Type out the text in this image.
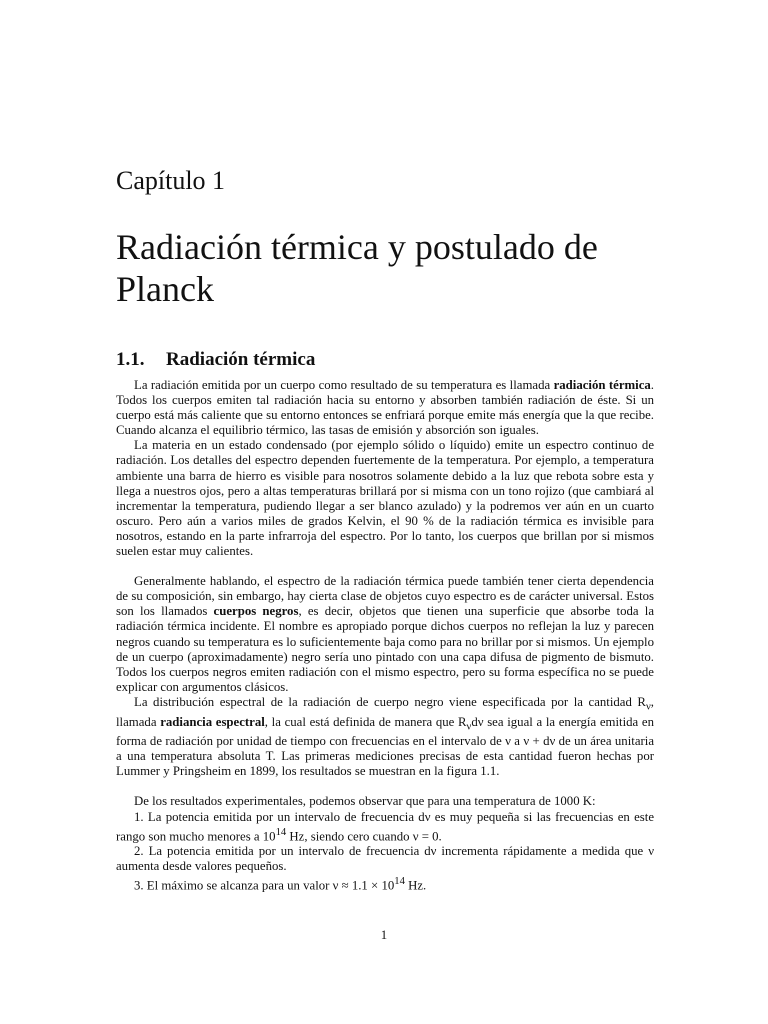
Capítulo 1
Radiación térmica y postulado de Planck
1.1. Radiación térmica

La radiación emitida por un cuerpo como resultado de su temperatura es llamada radiación térmica. Todos los cuerpos emiten tal radiación hacia su entorno y absorben también radiación de éste. Si un cuerpo está más caliente que su entorno entonces se enfriará porque emite más energía que la que recibe. Cuando alcanza el equilibrio térmico, las tasas de emisión y absorción son iguales.

La materia en un estado condensado (por ejemplo sólido o líquido) emite un espectro continuo de radiación. Los detalles del espectro dependen fuertemente de la temperatura. Por ejemplo, a temperatura ambiente una barra de hierro es visible para nosotros solamente debido a la luz que rebota sobre esta y llega a nuestros ojos, pero a altas temperaturas brillará por si misma con un tono rojizo (que cambiará al incrementar la temperatura, pudiendo llegar a ser blanco azulado) y la podremos ver aún en un cuarto oscuro. Pero aún a varios miles de grados Kelvin, el 90 % de la radiación térmica es invisible para nosotros, estando en la parte infrarroja del espectro. Por lo tanto, los cuerpos que brillan por si mismos suelen estar muy calientes.

Generalmente hablando, el espectro de la radiación térmica puede también tener cierta dependencia de su composición, sin embargo, hay cierta clase de objetos cuyo espectro es de carácter universal. Estos son los llamados cuerpos negros, es decir, objetos que tienen una superficie que absorbe toda la radiación térmica incidente. El nombre es apropiado porque dichos cuerpos no reflejan la luz y parecen negros cuando su temperatura es lo suficientemente baja como para no brillar por si mismos. Un ejemplo de un cuerpo (aproximadamente) negro sería uno pintado con una capa difusa de pigmento de bismuto. Todos los cuerpos negros emiten radiación con el mismo espectro, pero su forma específica no se puede explicar con argumentos clásicos.

La distribución espectral de la radiación de cuerpo negro viene especificada por la cantidad $R_\nu$, llamada radiancia espectral, la cual está definida de manera que $R_\nu d\nu$ sea igual a la energía emitida en forma de radiación por unidad de tiempo con frecuencias en el intervalo de ν a ν + dν de un área unitaria a una temperatura absoluta T. Las primeras mediciones precisas de esta cantidad fueron hechas por Lummer y Pringsheim en 1899, los resultados se muestran en la figura 1.1.

De los resultados experimentales, podemos observar que para una temperatura de 1000 K:

1. La potencia emitida por un intervalo de frecuencia dν es muy pequeña si las frecuencias en este rango son mucho menores a $10^{14}$ Hz, siendo cero cuando ν = 0.

2. La potencia emitida por un intervalo de frecuencia dν incrementa rápidamente a medida que ν aumenta desde valores pequeños.

3. El máximo se alcanza para un valor $\nu \approx 1.1 \times 10^{14}$ Hz.

1
